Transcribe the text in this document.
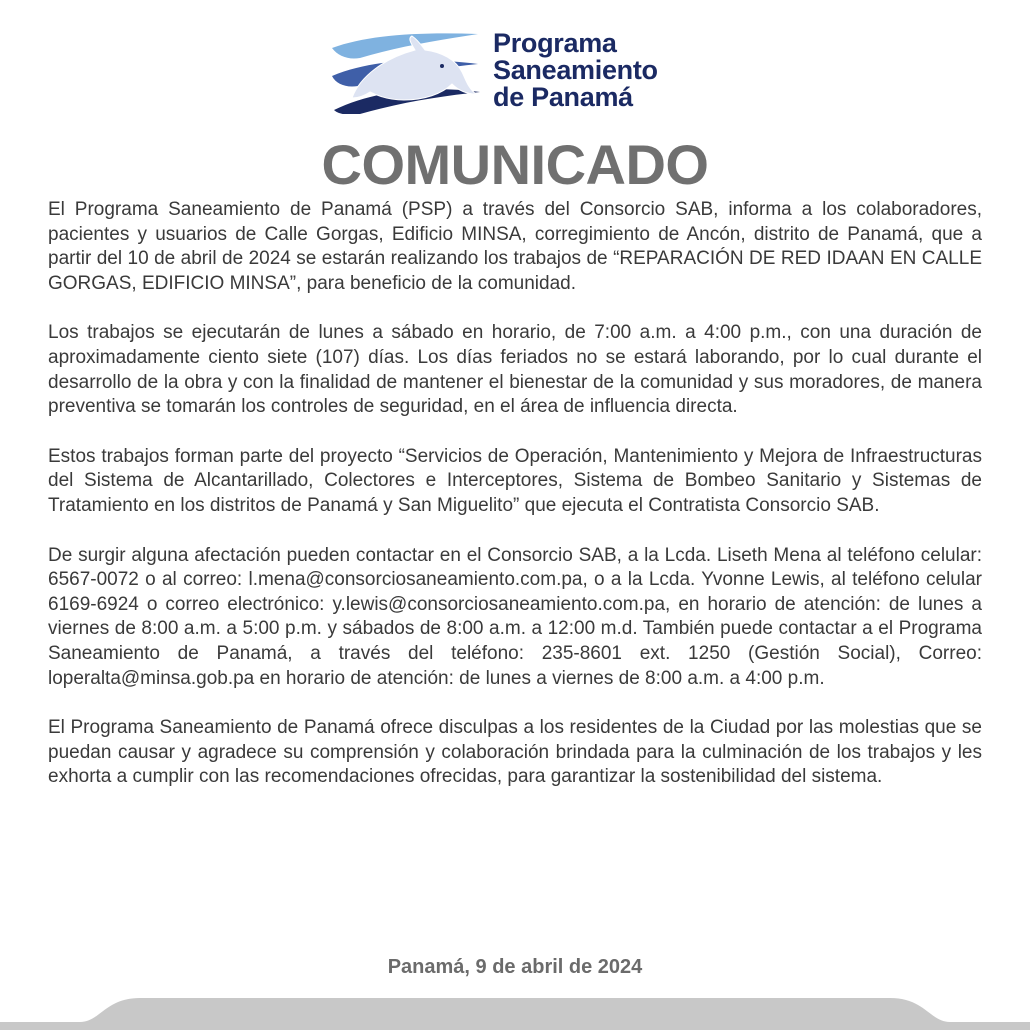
Programa
Saneamiento
de Panamá
COMUNICADO

El Programa Saneamiento de Panamá (PSP) a través del Consorcio SAB, informa a los colaboradores, pacientes y usuarios de Calle Gorgas, Edificio MINSA, corregimiento de Ancón, distrito de Panamá, que a partir del 10 de abril de 2024 se estarán realizando los trabajos de “REPARACIÓN DE RED IDAAN EN CALLE GORGAS, EDIFICIO MINSA”, para beneficio de la comunidad.

Los trabajos se ejecutarán de lunes a sábado en horario, de 7:00 a.m. a 4:00 p.m., con una duración de aproximadamente ciento siete (107) días. Los días feriados no se estará laborando, por lo cual durante el desarrollo de la obra y con la finalidad de mantener el bienestar de la comunidad y sus moradores, de manera preventiva se tomarán los controles de seguridad, en el área de influencia directa.

Estos trabajos forman parte del proyecto “Servicios de Operación, Mantenimiento y Mejora de Infraestructuras del Sistema de Alcantarillado, Colectores e Interceptores, Sistema de Bombeo Sanitario y Sistemas de Tratamiento en los distritos de Panamá y San Miguelito” que ejecuta el Contratista Consorcio SAB.

De surgir alguna afectación pueden contactar en el Consorcio SAB, a la Lcda. Liseth Mena al teléfono celular: 6567-0072 o al correo: l.mena@consorciosaneamiento.com.pa, o a la Lcda. Yvonne Lewis, al teléfono celular 6169-6924 o correo electrónico: y.lewis@consorciosaneamiento.com.pa, en horario de atención: de lunes a viernes de 8:00 a.m. a 5:00 p.m. y sábados de 8:00 a.m. a 12:00 m.d. También puede contactar a el Programa Saneamiento de Panamá, a través del teléfono: 235-8601 ext. 1250 (Gestión Social), Correo: loperalta@minsa.gob.pa en horario de atención: de lunes a viernes de 8:00 a.m. a 4:00 p.m.

El Programa Saneamiento de Panamá ofrece disculpas a los residentes de la Ciudad por las molestias que se puedan causar y agradece su comprensión y colaboración brindada para la culminación de los trabajos y les exhorta a cumplir con las recomendaciones ofrecidas, para garantizar la sostenibilidad del sistema.

Panamá, 9 de abril de 2024
